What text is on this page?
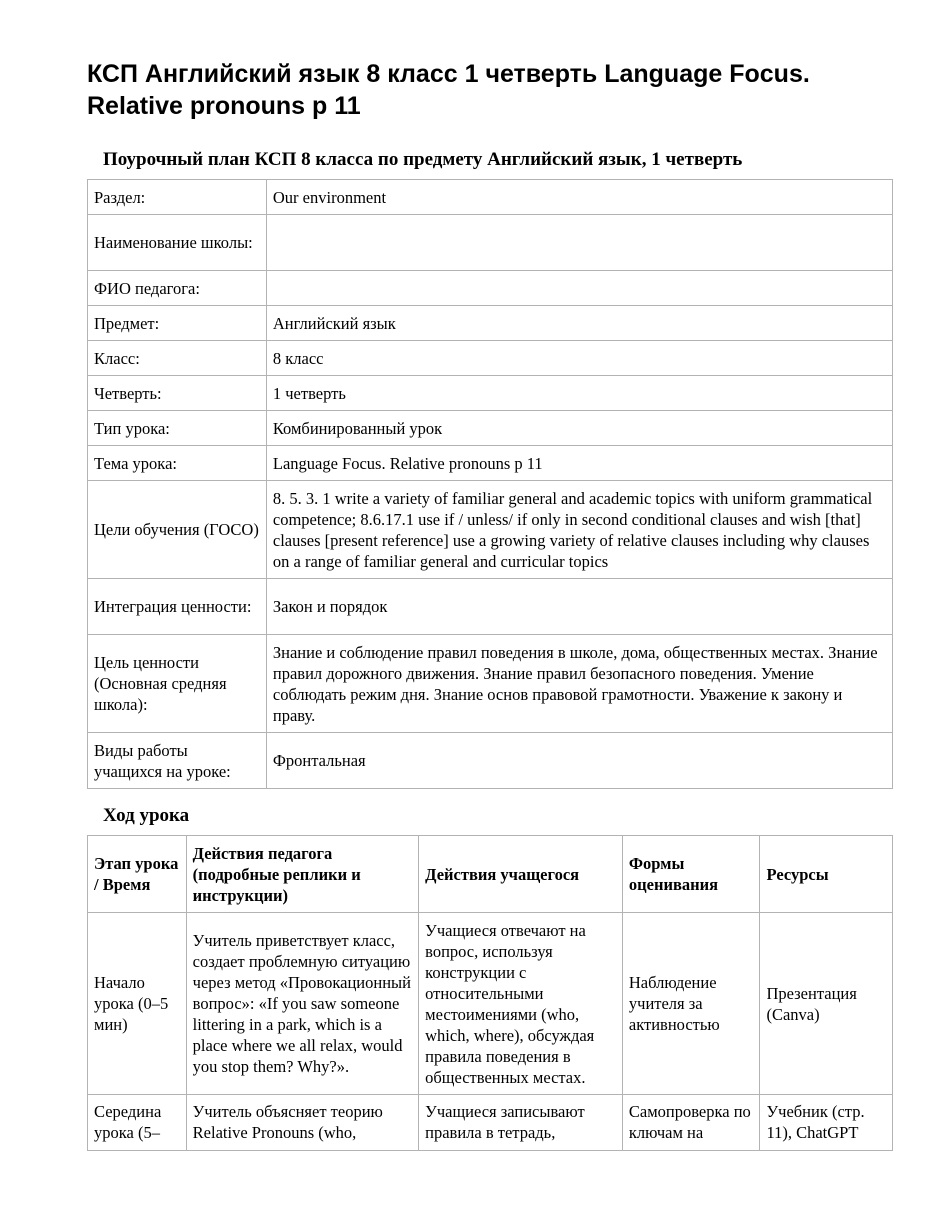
КСП Английский язык 8 класс 1 четверть Language Focus. Relative pronouns p 11
Поурочный план КСП 8 класса по предмету Английский язык, 1 четверть
Раздел:	Our environment
Наименование школы:	
ФИО педагога:	
Предмет:	Английский язык
Класс:	8 класс
Четверть:	1 четверть
Тип урока:	Комбинированный урок
Тема урока:	Language Focus. Relative pronouns p 11
Цели обучения (ГОСО)	8. 5. 3. 1 write a variety of familiar general and academic topics with uniform grammatical competence; 8.6.17.1 use if / unless/ if only in second conditional clauses and wish [that] clauses [present reference] use a growing variety of relative clauses including why clauses on a range of familiar general and curricular topics
Интеграция ценности:	Закон и порядок
Цель ценности (Основная средняя школа):	Знание и соблюдение правил поведения в школе, дома, общественных местах. Знание правил дорожного движения. Знание правил безопасного поведения. Умение соблюдать режим дня. Знание основ правовой грамотности. Уважение к закону и праву.
Виды работы учащихся на уроке:	Фронтальная
Ход урока
Этап урока / Время	Действия педагога (подробные реплики и инструкции)	Действия учащегося	Формы оценивания	Ресурсы
Начало урока (0–5 мин)	Учитель приветствует класс, создает проблемную ситуацию через метод «Провокационный вопрос»: «If you saw someone littering in a park, which is a place where we all relax, would you stop them? Why?».	Учащиеся отвечают на вопрос, используя конструкции с относительными местоимениями (who, which, where), обсуждая правила поведения в общественных местах.	Наблюдение учителя за активностью	Презентация (Canva)
Середина урока (5–	Учитель объясняет теорию Relative Pronouns (who,	Учащиеся записывают правила в тетрадь,	Самопроверка по ключам на	Учебник (стр. 11), ChatGPT
